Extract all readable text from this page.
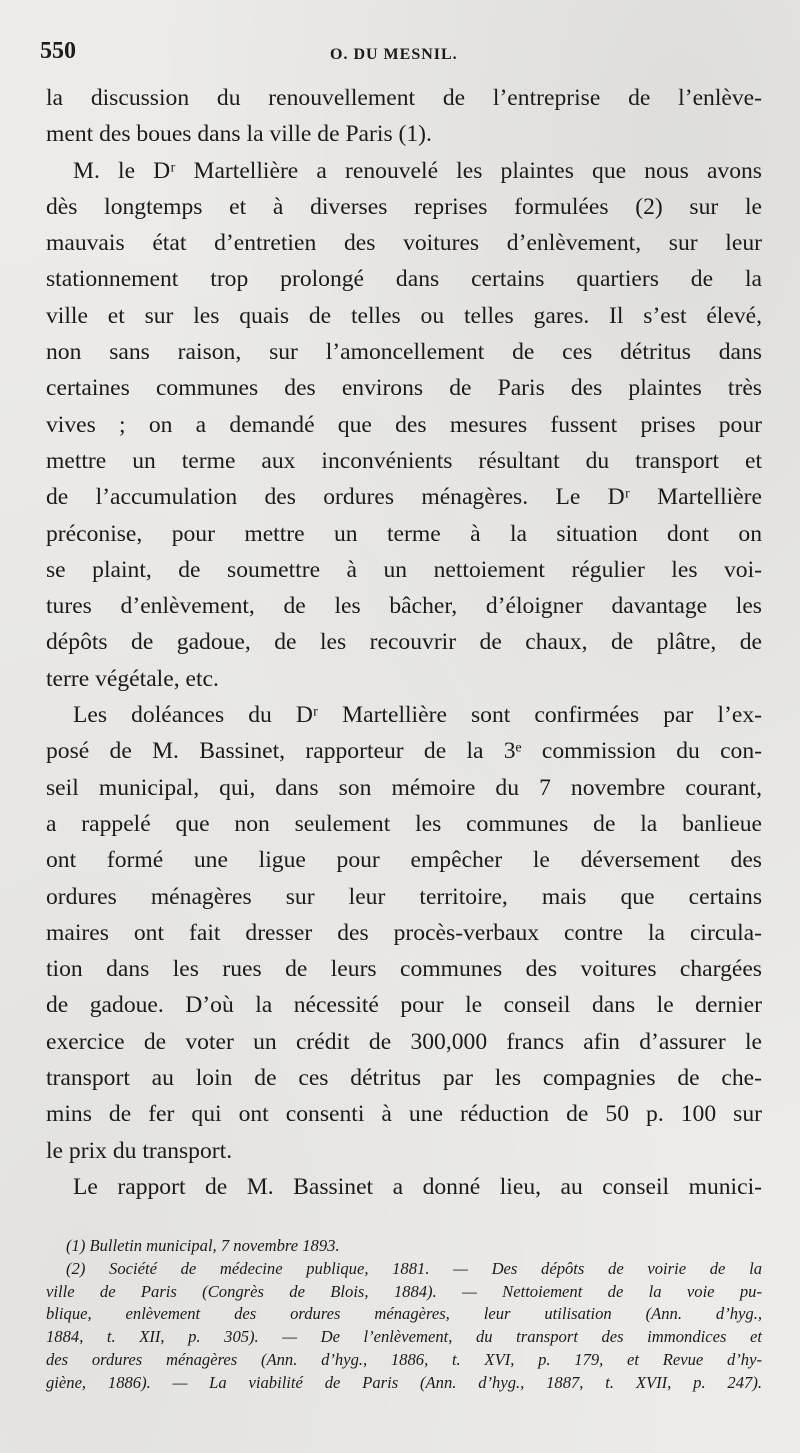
550	O. DU MESNIL.
la discussion du renouvellement de l’entreprise de l’enlève-
ment des boues dans la ville de Paris (1).
M. le Dʳ Martellière a renouvelé les plaintes que nous avons
dès longtemps et à diverses reprises formulées (2) sur le
mauvais état d’entretien des voitures d’enlèvement, sur leur
stationnement trop prolongé dans certains quartiers de la
ville et sur les quais de telles ou telles gares. Il s’est élevé,
non sans raison, sur l’amoncellement de ces détritus dans
certaines communes des environs de Paris des plaintes très
vives ; on a demandé que des mesures fussent prises pour
mettre un terme aux inconvénients résultant du transport et
de l’accumulation des ordures ménagères. Le Dʳ Martellière
préconise, pour mettre un terme à la situation dont on
se plaint, de soumettre à un nettoiement régulier les voi-
tures d’enlèvement, de les bâcher, d’éloigner davantage les
dépôts de gadoue, de les recouvrir de chaux, de plâtre, de
terre végétale, etc.
Les doléances du Dʳ Martellière sont confirmées par l’ex-
posé de M. Bassinet, rapporteur de la 3ᵉ commission du con-
seil municipal, qui, dans son mémoire du 7 novembre courant,
a rappelé que non seulement les communes de la banlieue
ont formé une ligue pour empêcher le déversement des
ordures ménagères sur leur territoire, mais que certains
maires ont fait dresser des procès-verbaux contre la circula-
tion dans les rues de leurs communes des voitures chargées
de gadoue. D’où la nécessité pour le conseil dans le dernier
exercice de voter un crédit de 300,000 francs afin d’assurer le
transport au loin de ces détritus par les compagnies de che-
mins de fer qui ont consenti à une réduction de 50 p. 100 sur
le prix du transport.
Le rapport de M. Bassinet a donné lieu, au conseil munici-
(1) Bulletin municipal, 7 novembre 1893.
(2) Société de médecine publique, 1881. — Des dépôts de voirie de la
ville de Paris (Congrès de Blois, 1884). — Nettoiement de la voie pu-
blique, enlèvement des ordures ménagères, leur utilisation (Ann. d’hyg.,
1884, t. XII, p. 305). — De l’enlèvement, du transport des immondices et
des ordures ménagères (Ann. d’hyg., 1886, t. XVI, p. 179, et Revue d’hy-
giène, 1886). — La viabilité de Paris (Ann. d’hyg., 1887, t. XVII, p. 247).
